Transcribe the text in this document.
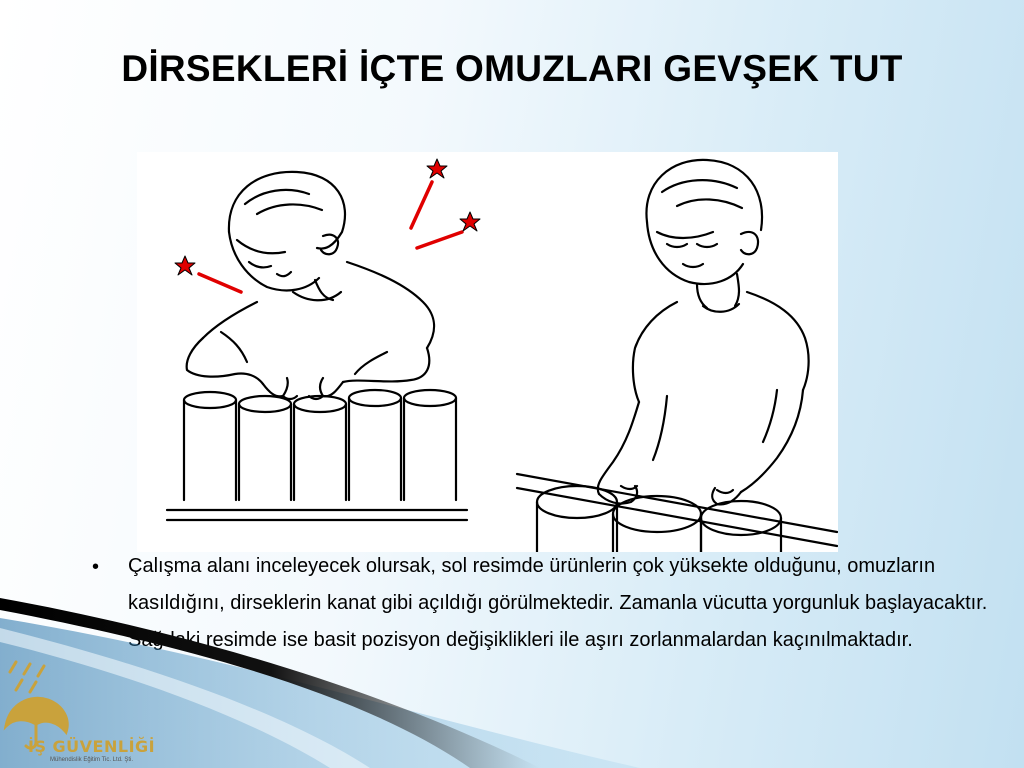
DİRSEKLERİ İÇTE OMUZLARI GEVŞEK TUT
• Çalışma alanı inceleyecek olursak, sol resimde ürünlerin çok yüksekte olduğunu, omuzların kasıldığını, dirseklerin kanat gibi açıldığı görülmektedir. Zamanla vücutta yorgunluk başlayacaktır. Sağdaki resimde ise basit pozisyon değişiklikleri ile aşırı zorlanmalardan kaçınılmaktadır.
İŞ GÜVENLİĞİ
Mühendislik Eğitim Tic. Ltd. Şti.
